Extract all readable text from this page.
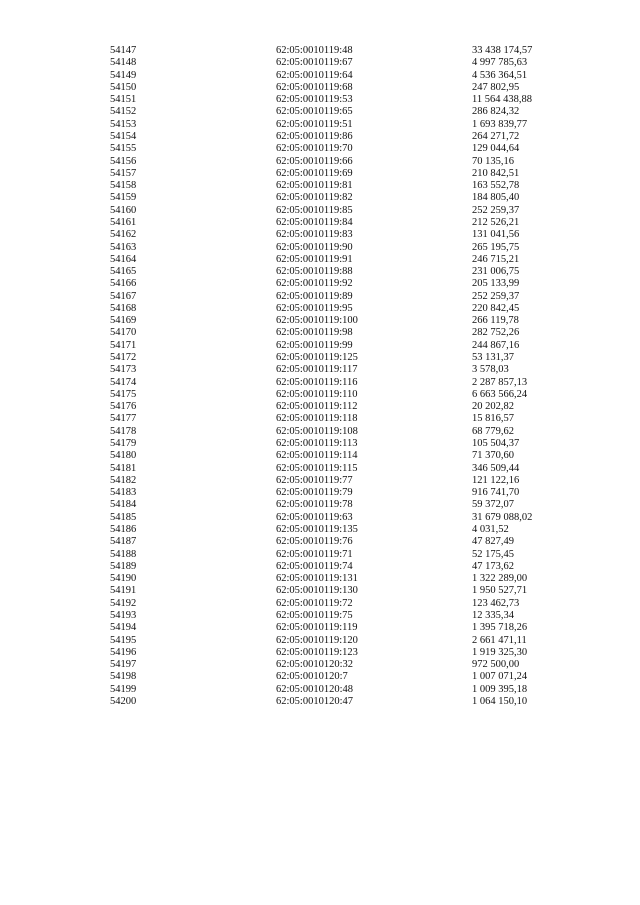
54147	62:05:0010119:48	33 438 174,57
54148	62:05:0010119:67	4 997 785,63
54149	62:05:0010119:64	4 536 364,51
54150	62:05:0010119:68	247 802,95
54151	62:05:0010119:53	11 564 438,88
54152	62:05:0010119:65	286 824,32
54153	62:05:0010119:51	1 693 839,77
54154	62:05:0010119:86	264 271,72
54155	62:05:0010119:70	129 044,64
54156	62:05:0010119:66	70 135,16
54157	62:05:0010119:69	210 842,51
54158	62:05:0010119:81	163 552,78
54159	62:05:0010119:82	184 805,40
54160	62:05:0010119:85	252 259,37
54161	62:05:0010119:84	212 526,21
54162	62:05:0010119:83	131 041,56
54163	62:05:0010119:90	265 195,75
54164	62:05:0010119:91	246 715,21
54165	62:05:0010119:88	231 006,75
54166	62:05:0010119:92	205 133,99
54167	62:05:0010119:89	252 259,37
54168	62:05:0010119:95	220 842,45
54169	62:05:0010119:100	266 119,78
54170	62:05:0010119:98	282 752,26
54171	62:05:0010119:99	244 867,16
54172	62:05:0010119:125	53 131,37
54173	62:05:0010119:117	3 578,03
54174	62:05:0010119:116	2 287 857,13
54175	62:05:0010119:110	6 663 566,24
54176	62:05:0010119:112	20 202,82
54177	62:05:0010119:118	15 816,57
54178	62:05:0010119:108	68 779,62
54179	62:05:0010119:113	105 504,37
54180	62:05:0010119:114	71 370,60
54181	62:05:0010119:115	346 509,44
54182	62:05:0010119:77	121 122,16
54183	62:05:0010119:79	916 741,70
54184	62:05:0010119:78	59 372,07
54185	62:05:0010119:63	31 679 088,02
54186	62:05:0010119:135	4 031,52
54187	62:05:0010119:76	47 827,49
54188	62:05:0010119:71	52 175,45
54189	62:05:0010119:74	47 173,62
54190	62:05:0010119:131	1 322 289,00
54191	62:05:0010119:130	1 950 527,71
54192	62:05:0010119:72	123 462,73
54193	62:05:0010119:75	12 335,34
54194	62:05:0010119:119	1 395 718,26
54195	62:05:0010119:120	2 661 471,11
54196	62:05:0010119:123	1 919 325,30
54197	62:05:0010120:32	972 500,00
54198	62:05:0010120:7	1 007 071,24
54199	62:05:0010120:48	1 009 395,18
54200	62:05:0010120:47	1 064 150,10
